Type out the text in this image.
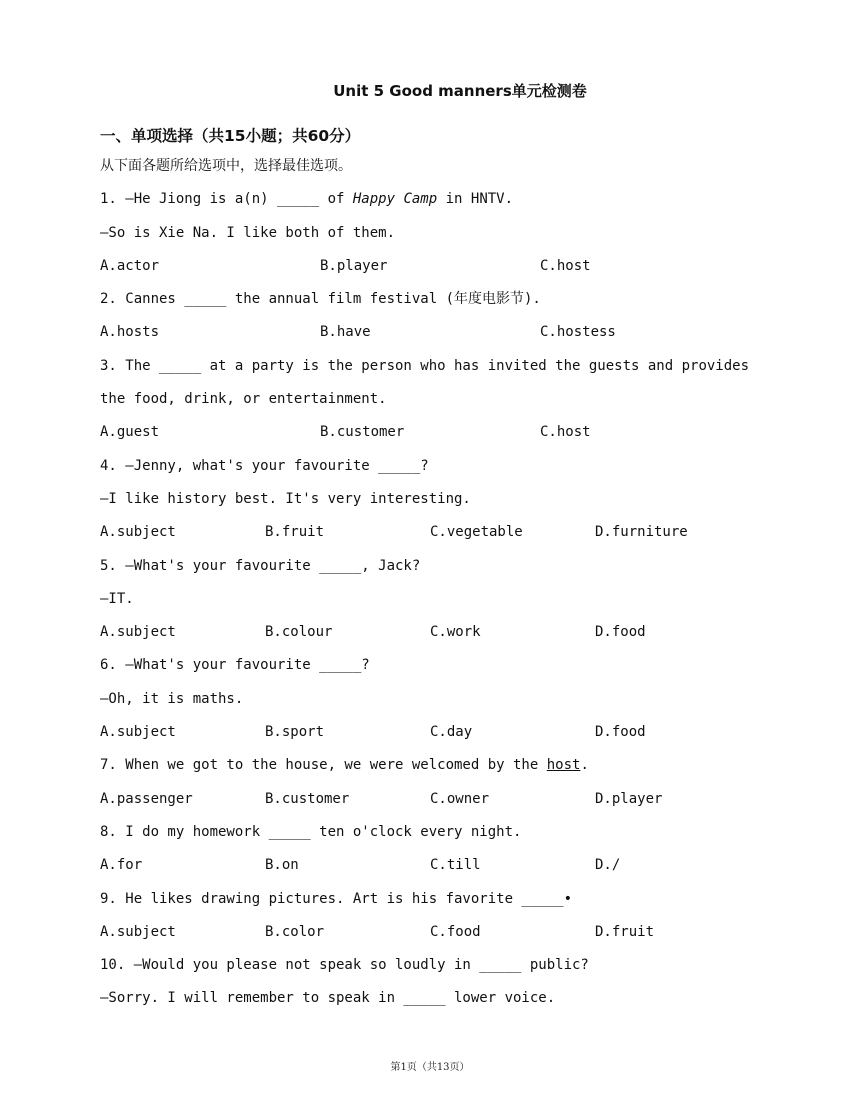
Unit 5 Good manners单元检测卷
一、单项选择（共15小题；共60分）
从下面各题所给选项中，选择最佳选项。
1. —He Jiong is a(n) _____ of Happy Camp in HNTV.
—So is Xie Na. I like both of them.
A.actor	B.player	C.host
2. Cannes _____ the annual film festival (年度电影节).
A.hosts	B.have	C.hostess
3. The _____ at a party is the person who has invited the guests and provides the food, drink, or entertainment.
A.guest	B.customer	C.host
4. —Jenny, what's your favourite _____?
—I like history best. It's very interesting.
A.subject	B.fruit	C.vegetable	D.furniture
5. —What's your favourite _____, Jack?
—IT.
A.subject	B.colour	C.work	D.food
6. —What's your favourite _____?
—Oh, it is maths.
A.subject	B.sport	C.day	D.food
7. When we got to the house, we were welcomed by the host.
A.passenger	B.customer	C.owner	D.player
8. I do my homework _____ ten o'clock every night.
A.for	B.on	C.till	D./
9. He likes drawing pictures. Art is his favorite _____•
A.subject	B.color	C.food	D.fruit
10. —Would you please not speak so loudly in _____ public?
—Sorry. I will remember to speak in _____ lower voice.
第1页（共13页）
